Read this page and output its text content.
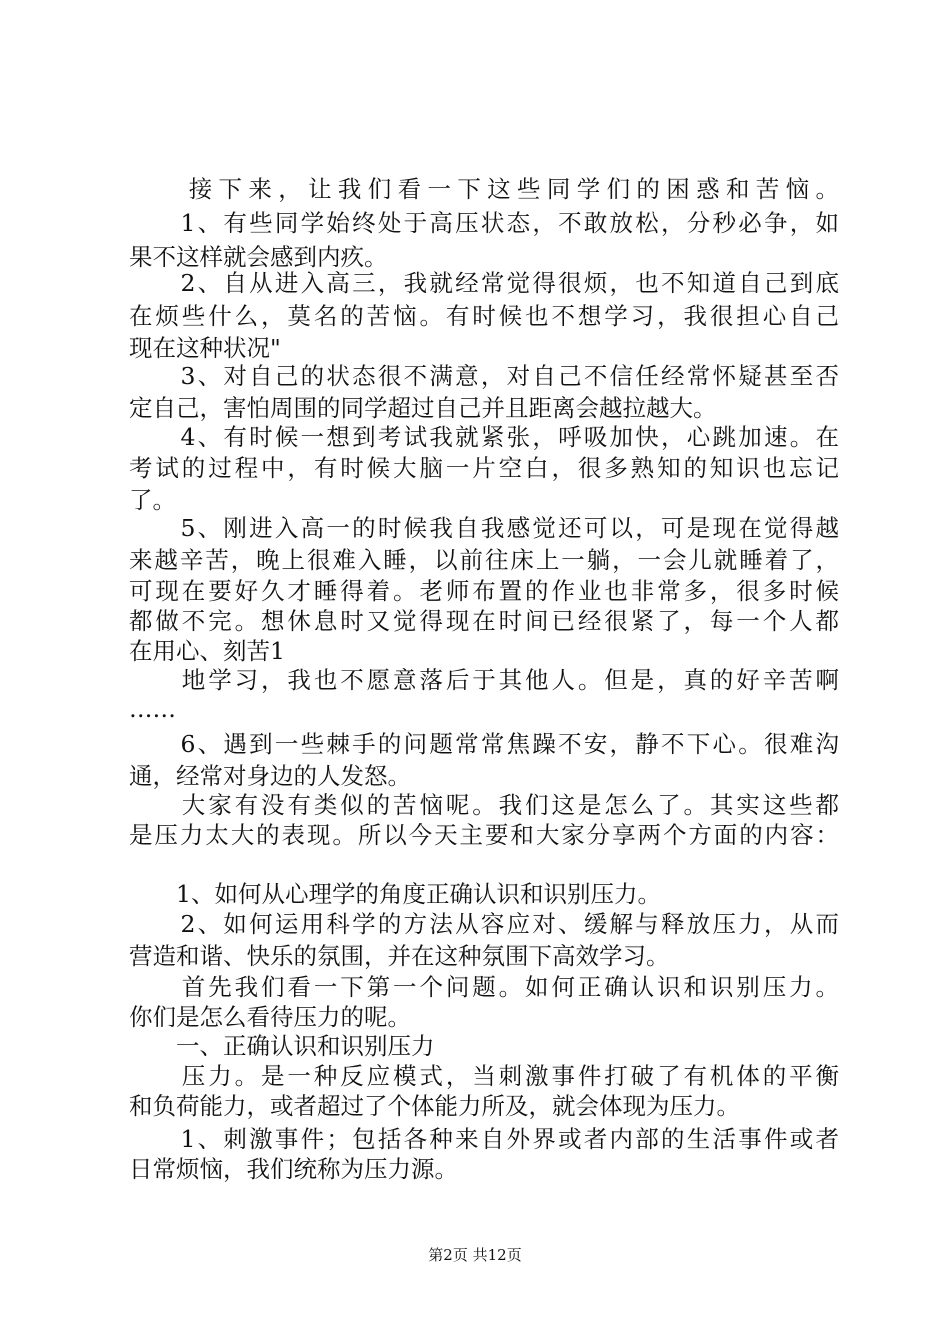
　　接下来，让我们看一下这些同学们的困惑和苦恼。
　　1、有些同学始终处于高压状态，不敢放松，分秒必争，如
果不这样就会感到内疚。
　　2、自从进入高三，我就经常觉得很烦，也不知道自己到底
在烦些什么，莫名的苦恼。有时候也不想学习，我很担心自己
现在这种状况"
　　3、对自己的状态很不满意，对自己不信任经常怀疑甚至否
定自己，害怕周围的同学超过自己并且距离会越拉越大。
　　4、有时候一想到考试我就紧张，呼吸加快，心跳加速。在
考试的过程中，有时候大脑一片空白，很多熟知的知识也忘记
了。
　　5、刚进入高一的时候我自我感觉还可以，可是现在觉得越
来越辛苦，晚上很难入睡，以前往床上一躺，一会儿就睡着了，
可现在要好久才睡得着。老师布置的作业也非常多，很多时候
都做不完。想休息时又觉得现在时间已经很紧了，每一个人都
在用心、刻苦1
　　地学习，我也不愿意落后于其他人。但是，真的好辛苦啊
……
　　6、遇到一些棘手的问题常常焦躁不安，静不下心。很难沟
通，经常对身边的人发怒。
　　大家有没有类似的苦恼呢。我们这是怎么了。其实这些都
是压力太大的表现。所以今天主要和大家分享两个方面的内容：
　　1、如何从心理学的角度正确认识和识别压力。
　　2、如何运用科学的方法从容应对、缓解与释放压力，从而
营造和谐、快乐的氛围，并在这种氛围下高效学习。
　　首先我们看一下第一个问题。如何正确认识和识别压力。
你们是怎么看待压力的呢。
　　一、正确认识和识别压力
　　压力。是一种反应模式，当刺激事件打破了有机体的平衡
和负荷能力，或者超过了个体能力所及，就会体现为压力。
　　1、刺激事件；包括各种来自外界或者内部的生活事件或者
日常烦恼，我们统称为压力源。
第2页 共12页
